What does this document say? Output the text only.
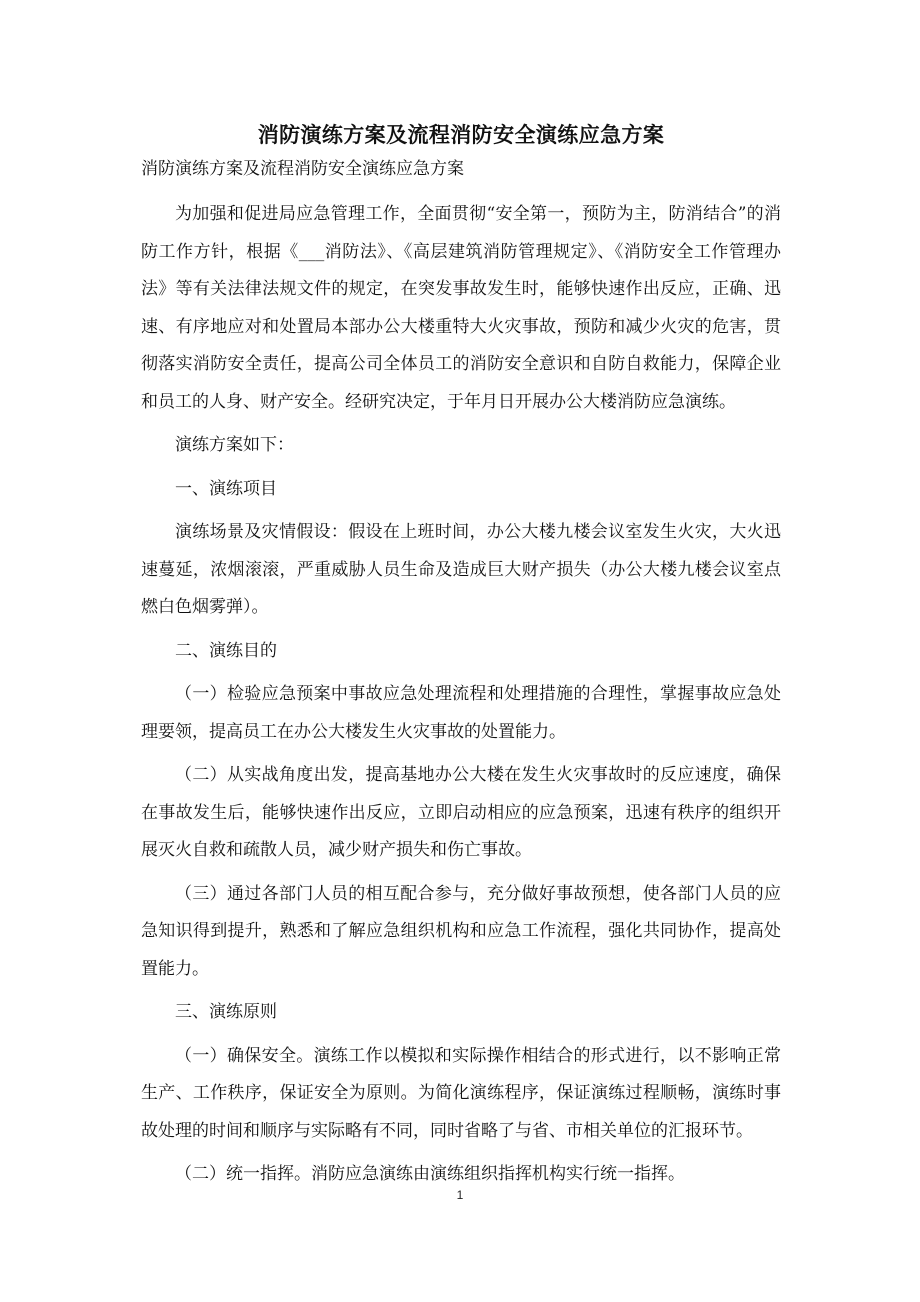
消防演练方案及流程消防安全演练应急方案

消防演练方案及流程消防安全演练应急方案

为加强和促进局应急管理工作，全面贯彻“安全第一，预防为主，防消结合”的消防工作方针，根据《___消防法》、《高层建筑消防管理规定》、《消防安全工作管理办法》等有关法律法规文件的规定，在突发事故发生时，能够快速作出反应，正确、迅速、有序地应对和处置局本部办公大楼重特大火灾事故，预防和减少火灾的危害，贯彻落实消防安全责任，提高公司全体员工的消防安全意识和自防自救能力，保障企业和员工的人身、财产安全。经研究决定，于年月日开展办公大楼消防应急演练。

演练方案如下：

一、演练项目

演练场景及灾情假设：假设在上班时间，办公大楼九楼会议室发生火灾，大火迅速蔓延，浓烟滚滚，严重威胁人员生命及造成巨大财产损失（办公大楼九楼会议室点燃白色烟雾弹）。

二、演练目的

（一）检验应急预案中事故应急处理流程和处理措施的合理性，掌握事故应急处理要领，提高员工在办公大楼发生火灾事故的处置能力。

（二）从实战角度出发，提高基地办公大楼在发生火灾事故时的反应速度，确保在事故发生后，能够快速作出反应，立即启动相应的应急预案，迅速有秩序的组织开展灭火自救和疏散人员，减少财产损失和伤亡事故。

（三）通过各部门人员的相互配合参与，充分做好事故预想，使各部门人员的应急知识得到提升，熟悉和了解应急组织机构和应急工作流程，强化共同协作，提高处置能力。

三、演练原则

（一）确保安全。演练工作以模拟和实际操作相结合的形式进行，以不影响正常生产、工作秩序，保证安全为原则。为简化演练程序，保证演练过程顺畅，演练时事故处理的时间和顺序与实际略有不同，同时省略了与省、市相关单位的汇报环节。

（二）统一指挥。消防应急演练由演练组织指挥机构实行统一指挥。

1
